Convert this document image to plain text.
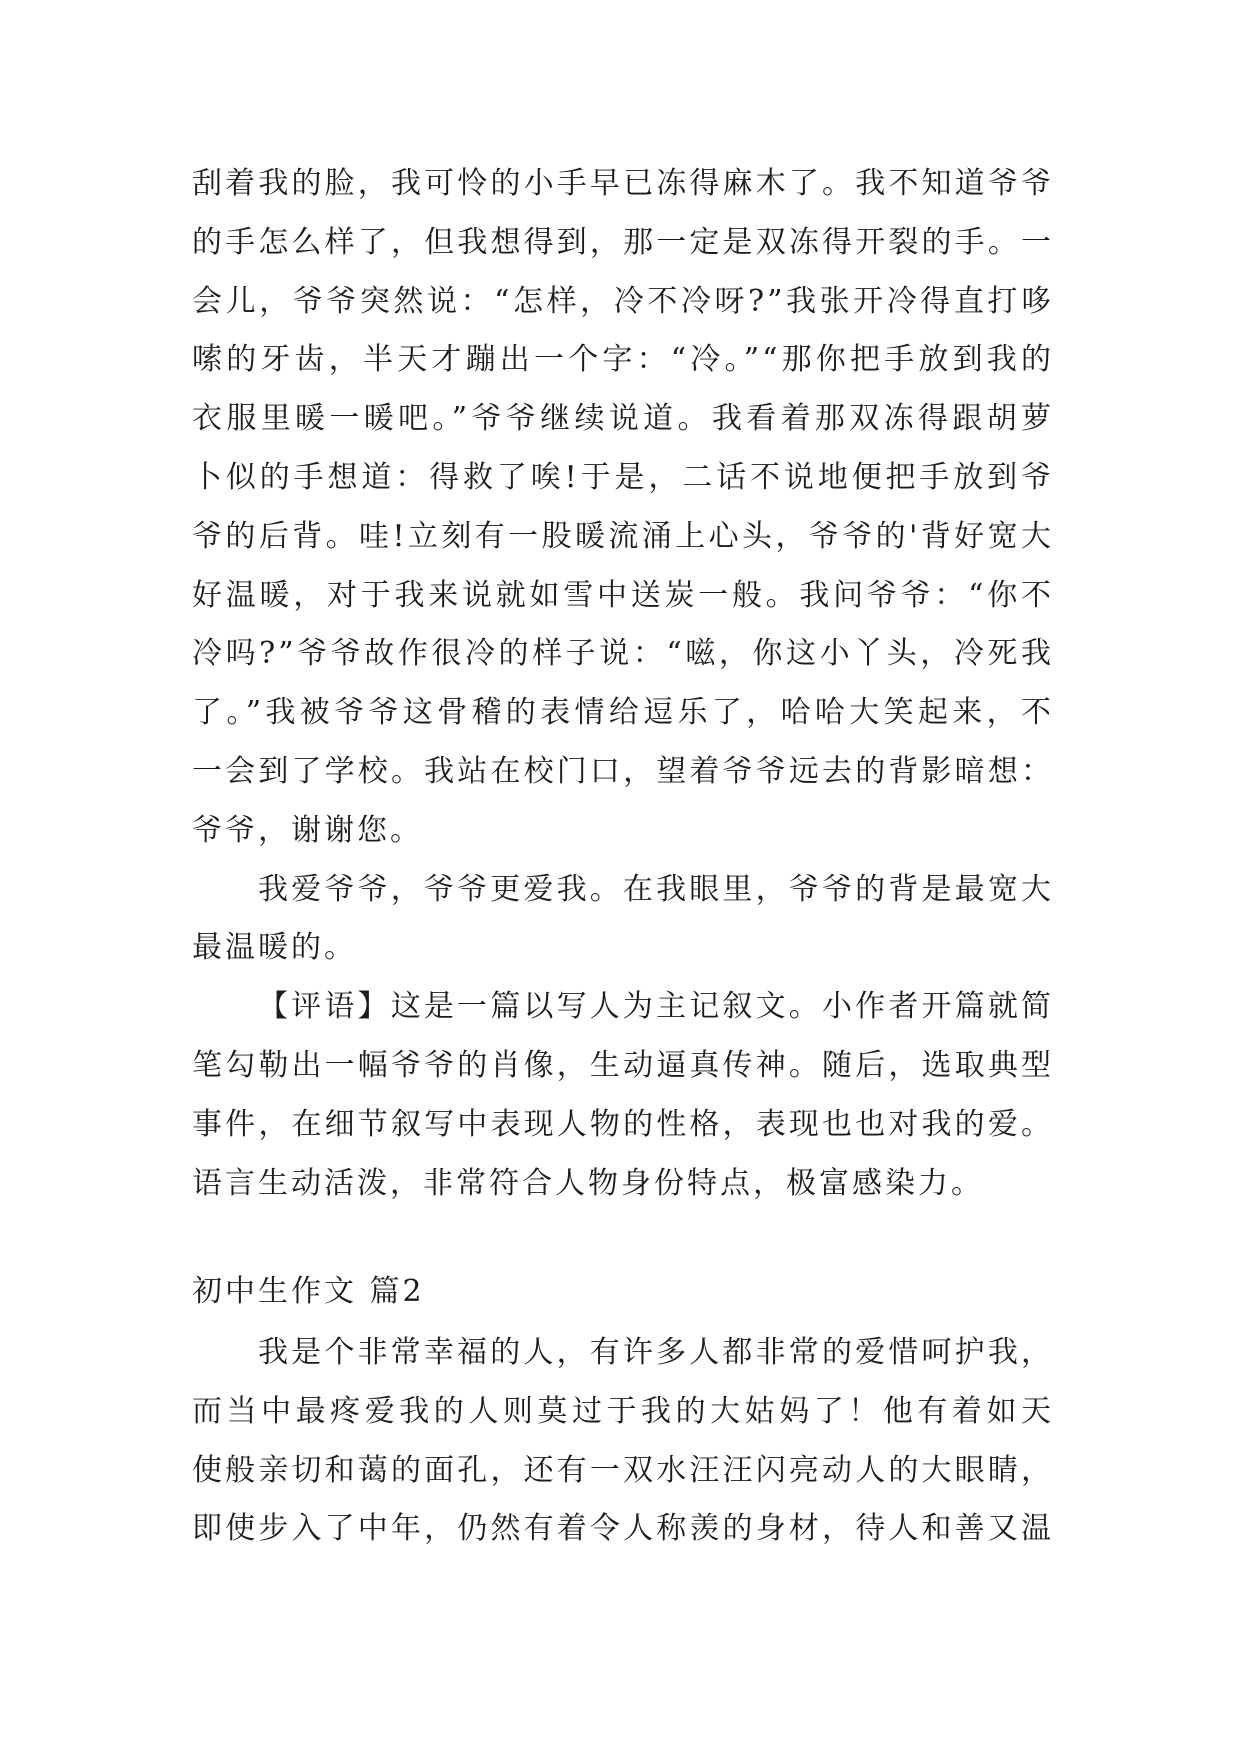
刮着我的脸，我可怜的小手早已冻得麻木了。我不知道爷爷
的手怎么样了，但我想得到，那一定是双冻得开裂的手。一
会儿，爷爷突然说：“怎样，冷不冷呀?”我张开冷得直打哆
嗦的牙齿，半天才蹦出一个字：“冷。”“那你把手放到我的
衣服里暖一暖吧。”爷爷继续说道。我看着那双冻得跟胡萝
卜似的手想道：得救了唉!于是，二话不说地便把手放到爷
爷的后背。哇!立刻有一股暖流涌上心头，爷爷的'背好宽大
好温暖，对于我来说就如雪中送炭一般。我问爷爷：“你不
冷吗?”爷爷故作很冷的样子说：“嗞，你这小丫头，冷死我
了。”我被爷爷这骨稽的表情给逗乐了，哈哈大笑起来，不
一会到了学校。我站在校门口，望着爷爷远去的背影暗想：
爷爷，谢谢您。
我爱爷爷，爷爷更爱我。在我眼里，爷爷的背是最宽大
最温暖的。
【评语】这是一篇以写人为主记叙文。小作者开篇就简
笔勾勒出一幅爷爷的肖像，生动逼真传神。随后，选取典型
事件，在细节叙写中表现人物的性格，表现也也对我的爱。
语言生动活泼，非常符合人物身份特点，极富感染力。
初中生作文 篇2
我是个非常幸福的人，有许多人都非常的爱惜呵护我，
而当中最疼爱我的人则莫过于我的大姑妈了！他有着如天
使般亲切和蔼的面孔，还有一双水汪汪闪亮动人的大眼睛，
即使步入了中年，仍然有着令人称羡的身材，待人和善又温
